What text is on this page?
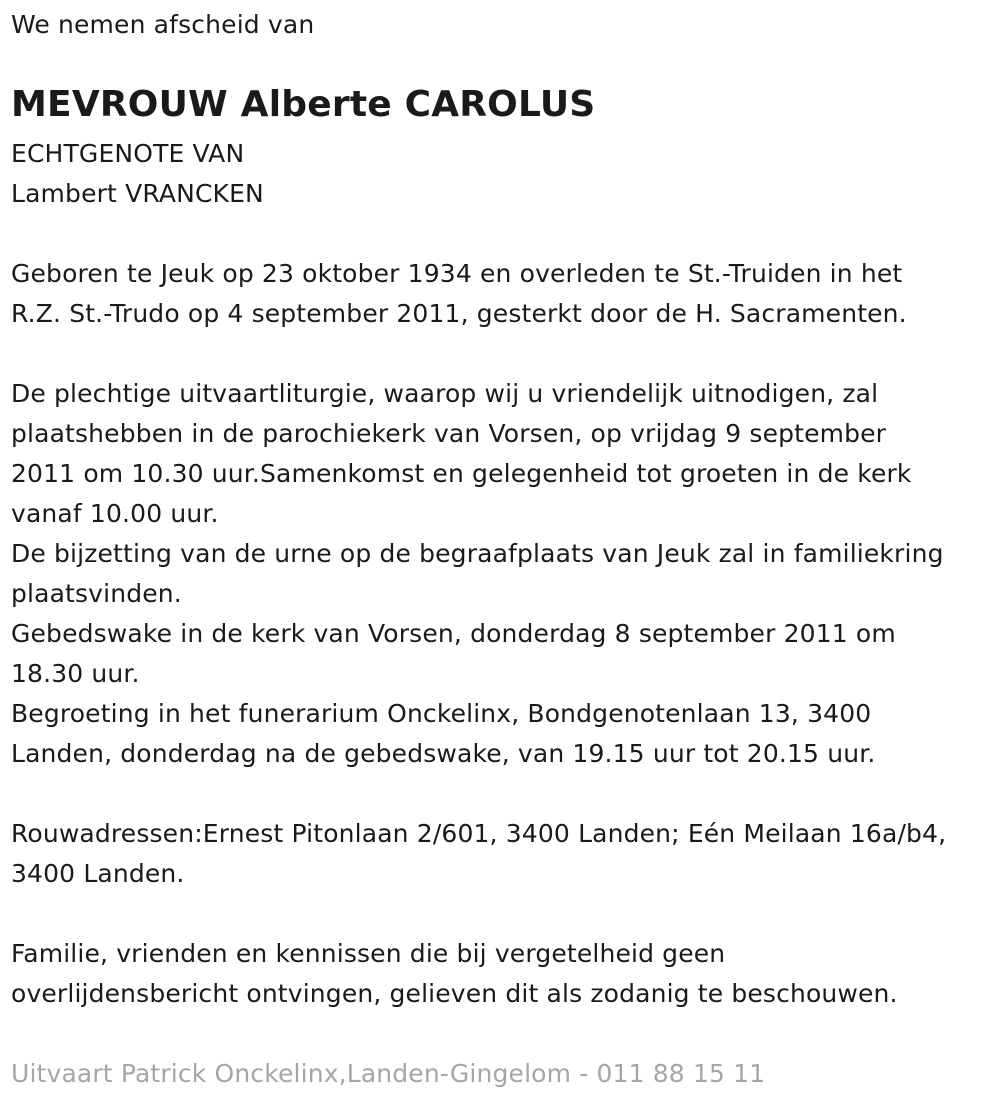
We nemen afscheid van
MEVROUW Alberte CAROLUS
ECHTGENOTE VAN
Lambert VRANCKEN
Geboren te Jeuk op 23 oktober 1934 en overleden te St.-Truiden in het
R.Z. St.-Trudo op 4 september 2011, gesterkt door de H. Sacramenten.
De plechtige uitvaartliturgie, waarop wij u vriendelijk uitnodigen, zal
plaatshebben in de parochiekerk van Vorsen, op vrijdag 9 september
2011 om 10.30 uur.Samenkomst en gelegenheid tot groeten in de kerk
vanaf 10.00 uur.
De bijzetting van de urne op de begraafplaats van Jeuk zal in familiekring
plaatsvinden.
Gebedswake in de kerk van Vorsen, donderdag 8 september 2011 om
18.30 uur.
Begroeting in het funerarium Onckelinx, Bondgenotenlaan 13, 3400
Landen, donderdag na de gebedswake, van 19.15 uur tot 20.15 uur.
Rouwadressen:Ernest Pitonlaan 2/601, 3400 Landen; Eén Meilaan 16a/b4,
3400 Landen.
Familie, vrienden en kennissen die bij vergetelheid geen
overlijdensbericht ontvingen, gelieven dit als zodanig te beschouwen.
Uitvaart Patrick Onckelinx,Landen-Gingelom - 011 88 15 11
